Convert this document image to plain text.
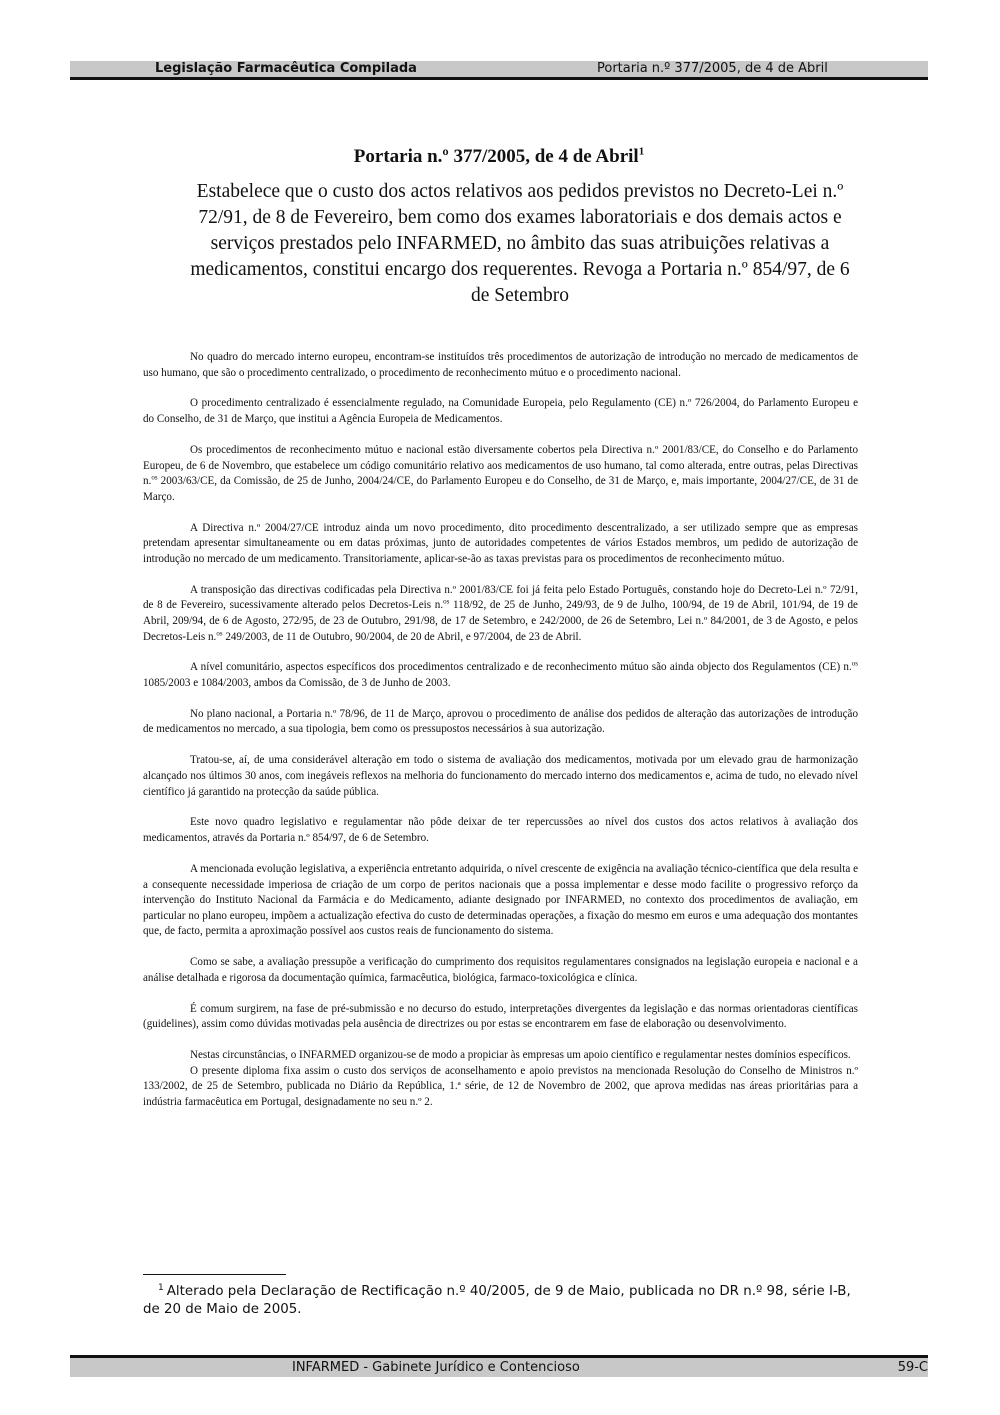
Legislação Farmacêutica Compilada	Portaria n.º 377/2005, de 4 de Abril
Portaria n.º 377/2005, de 4 de Abril$^1$
Estabelece que o custo dos actos relativos aos pedidos previstos no Decreto-Lei n.º 72/91, de 8 de Fevereiro, bem como dos exames laboratoriais e dos demais actos e serviços prestados pelo INFARMED, no âmbito das suas atribuições relativas a medicamentos, constitui encargo dos requerentes. Revoga a Portaria n.º 854/97, de 6 de Setembro

No quadro do mercado interno europeu, encontram-se instituídos três procedimentos de autorização de introdução no mercado de medicamentos de uso humano, que são o procedimento centralizado, o procedimento de reconhecimento mútuo e o procedimento nacional.

O procedimento centralizado é essencialmente regulado, na Comunidade Europeia, pelo Regulamento (CE) n.º 726/2004, do Parlamento Europeu e do Conselho, de 31 de Março, que institui a Agência Europeia de Medicamentos.

Os procedimentos de reconhecimento mútuo e nacional estão diversamente cobertos pela Directiva n.º 2001/83/CE, do Conselho e do Parlamento Europeu, de 6 de Novembro, que estabelece um código comunitário relativo aos medicamentos de uso humano, tal como alterada, entre outras, pelas Directivas n.$^{os}$ 2003/63/CE, da Comissão, de 25 de Junho, 2004/24/CE, do Parlamento Europeu e do Conselho, de 31 de Março, e, mais importante, 2004/27/CE, de 31 de Março.

A Directiva n.º 2004/27/CE introduz ainda um novo procedimento, dito procedimento descentralizado, a ser utilizado sempre que as empresas pretendam apresentar simultaneamente ou em datas próximas, junto de autoridades competentes de vários Estados membros, um pedido de autorização de introdução no mercado de um medicamento. Transitoriamente, aplicar-se-ão as taxas previstas para os procedimentos de reconhecimento mútuo.

A transposição das directivas codificadas pela Directiva n.º 2001/83/CE foi já feita pelo Estado Português, constando hoje do Decreto-Lei n.º 72/91, de 8 de Fevereiro, sucessivamente alterado pelos Decretos-Leis n.$^{os}$ 118/92, de 25 de Junho, 249/93, de 9 de Julho, 100/94, de 19 de Abril, 101/94, de 19 de Abril, 209/94, de 6 de Agosto, 272/95, de 23 de Outubro, 291/98, de 17 de Setembro, e 242/2000, de 26 de Setembro, Lei n.º 84/2001, de 3 de Agosto, e pelos Decretos-Leis n.$^{os}$ 249/2003, de 11 de Outubro, 90/2004, de 20 de Abril, e 97/2004, de 23 de Abril.

A nível comunitário, aspectos específicos dos procedimentos centralizado e de reconhecimento mútuo são ainda objecto dos Regulamentos (CE) n.$^{os}$ 1085/2003 e 1084/2003, ambos da Comissão, de 3 de Junho de 2003.

No plano nacional, a Portaria n.º 78/96, de 11 de Março, aprovou o procedimento de análise dos pedidos de alteração das autorizações de introdução de medicamentos no mercado, a sua tipologia, bem como os pressupostos necessários à sua autorização.

Tratou-se, aí, de uma considerável alteração em todo o sistema de avaliação dos medicamentos, motivada por um elevado grau de harmonização alcançado nos últimos 30 anos, com inegáveis reflexos na melhoria do funcionamento do mercado interno dos medicamentos e, acima de tudo, no elevado nível científico já garantido na protecção da saúde pública.

Este novo quadro legislativo e regulamentar não pôde deixar de ter repercussões ao nível dos custos dos actos relativos à avaliação dos medicamentos, através da Portaria n.º 854/97, de 6 de Setembro.

A mencionada evolução legislativa, a experiência entretanto adquirida, o nível crescente de exigência na avaliação técnico-científica que dela resulta e a consequente necessidade imperiosa de criação de um corpo de peritos nacionais que a possa implementar e desse modo facilite o progressivo reforço da intervenção do Instituto Nacional da Farmácia e do Medicamento, adiante designado por INFARMED, no contexto dos procedimentos de avaliação, em particular no plano europeu, impõem a actualização efectiva do custo de determinadas operações, a fixação do mesmo em euros e uma adequação dos montantes que, de facto, permita a aproximação possível aos custos reais de funcionamento do sistema.

Como se sabe, a avaliação pressupõe a verificação do cumprimento dos requisitos regulamentares consignados na legislação europeia e nacional e a análise detalhada e rigorosa da documentação química, farmacêutica, biológica, farmaco-toxicológica e clínica.

É comum surgirem, na fase de pré-submissão e no decurso do estudo, interpretações divergentes da legislação e das normas orientadoras científicas (guidelines), assim como dúvidas motivadas pela ausência de directrizes ou por estas se encontrarem em fase de elaboração ou desenvolvimento.

Nestas circunstâncias, o INFARMED organizou-se de modo a propiciar às empresas um apoio científico e regulamentar nestes domínios específicos.

O presente diploma fixa assim o custo dos serviços de aconselhamento e apoio previstos na mencionada Resolução do Conselho de Ministros n.º 133/2002, de 25 de Setembro, publicada no Diário da República, 1.ª série, de 12 de Novembro de 2002, que aprova medidas nas áreas prioritárias para a indústria farmacêutica em Portugal, designadamente no seu n.º 2.

$^1$ Alterado pela Declaração de Rectificação n.º 40/2005, de 9 de Maio, publicada no DR n.º 98, série I-B, de 20 de Maio de 2005.
INFARMED - Gabinete Jurídico e Contencioso	59-C
